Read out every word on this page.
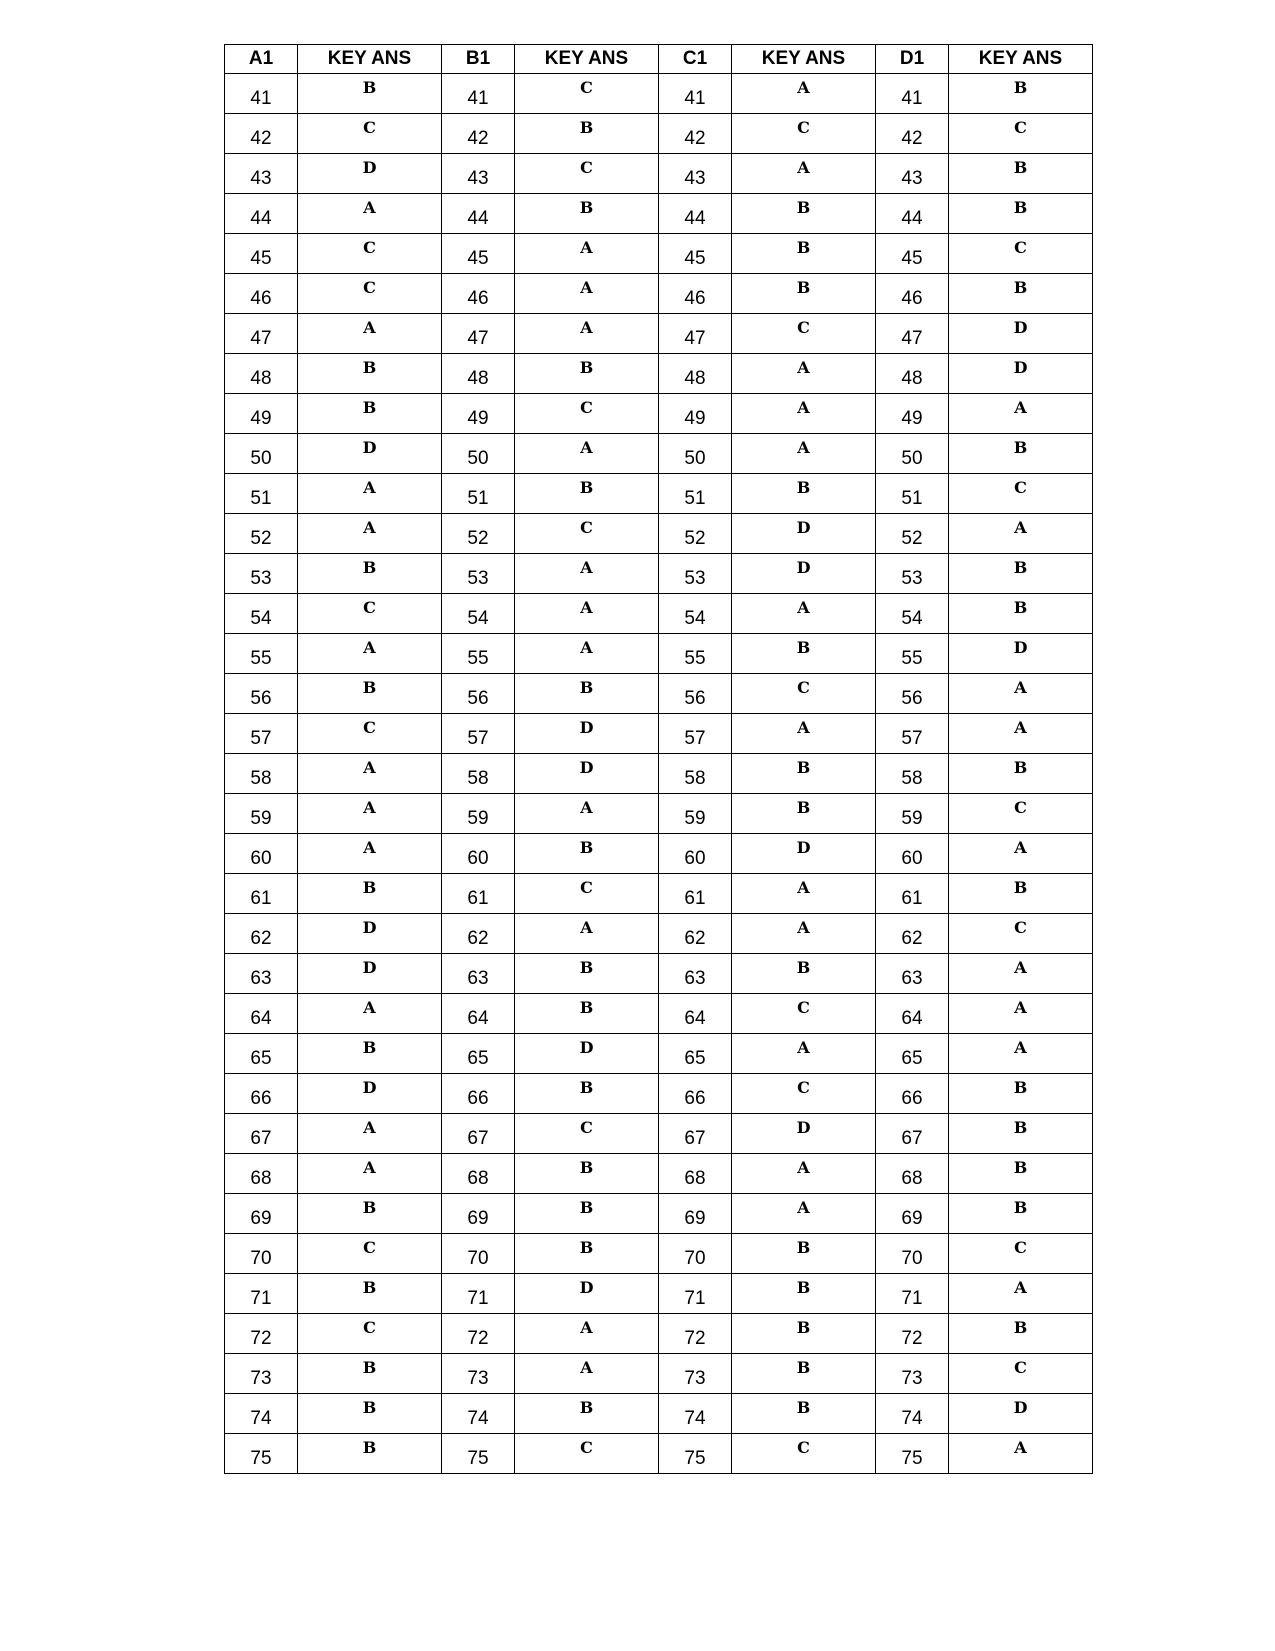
A1	KEY ANS	B1	KEY ANS	C1	KEY ANS	D1	KEY ANS
41	B	41	C	41	A	41	B
42	C	42	B	42	C	42	C
43	D	43	C	43	A	43	B
44	A	44	B	44	B	44	B
45	C	45	A	45	B	45	C
46	C	46	A	46	B	46	B
47	A	47	A	47	C	47	D
48	B	48	B	48	A	48	D
49	B	49	C	49	A	49	A
50	D	50	A	50	A	50	B
51	A	51	B	51	B	51	C
52	A	52	C	52	D	52	A
53	B	53	A	53	D	53	B
54	C	54	A	54	A	54	B
55	A	55	A	55	B	55	D
56	B	56	B	56	C	56	A
57	C	57	D	57	A	57	A
58	A	58	D	58	B	58	B
59	A	59	A	59	B	59	C
60	A	60	B	60	D	60	A
61	B	61	C	61	A	61	B
62	D	62	A	62	A	62	C
63	D	63	B	63	B	63	A
64	A	64	B	64	C	64	A
65	B	65	D	65	A	65	A
66	D	66	B	66	C	66	B
67	A	67	C	67	D	67	B
68	A	68	B	68	A	68	B
69	B	69	B	69	A	69	B
70	C	70	B	70	B	70	C
71	B	71	D	71	B	71	A
72	C	72	A	72	B	72	B
73	B	73	A	73	B	73	C
74	B	74	B	74	B	74	D
75	B	75	C	75	C	75	A
